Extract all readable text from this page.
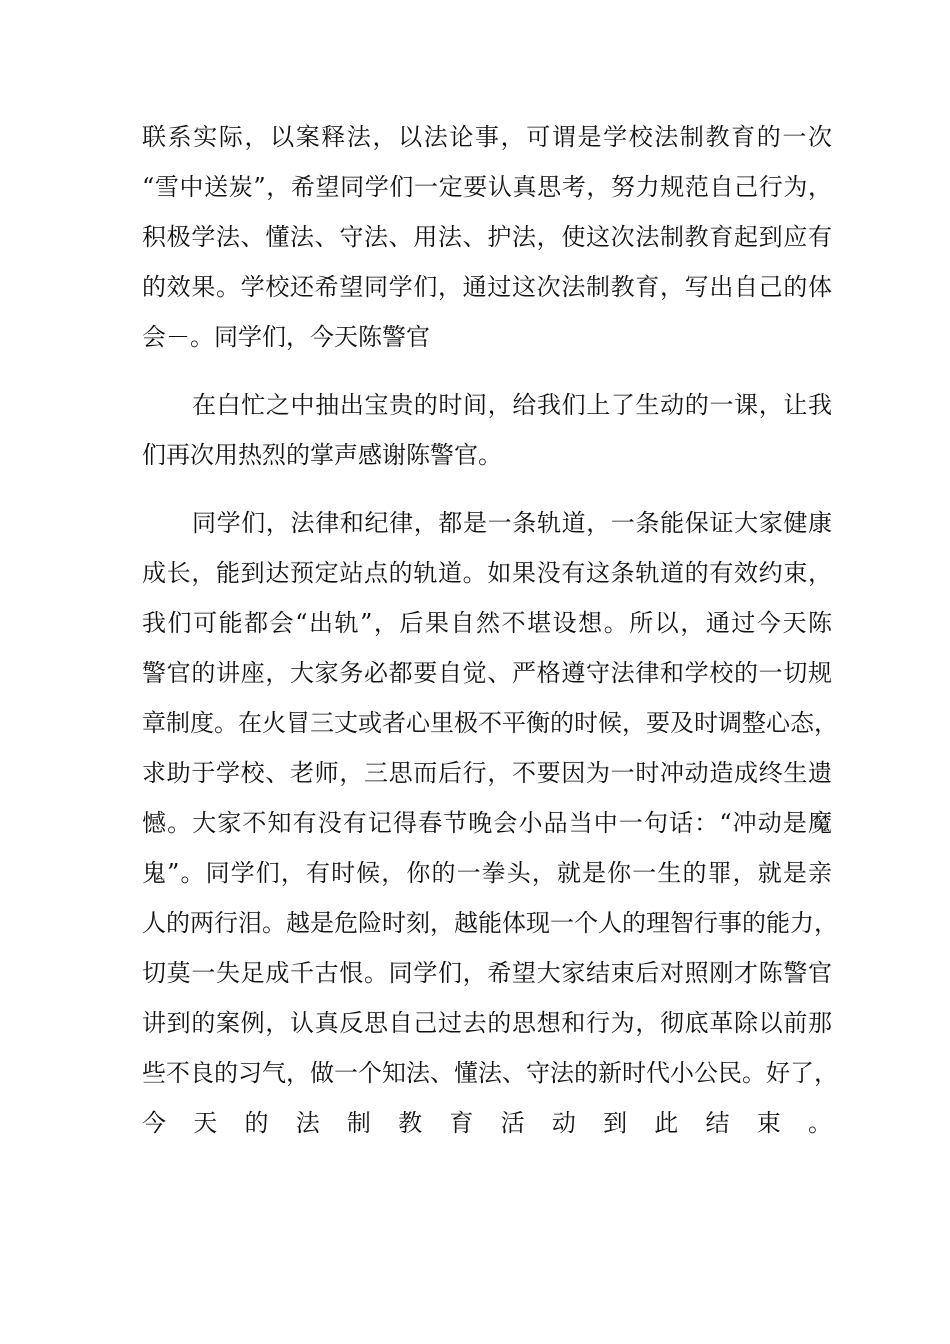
联系实际，以案释法，以法论事，可谓是学校法制教育的一次
“雪中送炭”，希望同学们一定要认真思考，努力规范自己行为，
积极学法、懂法、守法、用法、护法，使这次法制教育起到应有
的效果。学校还希望同学们，通过这次法制教育，写出自己的体
会－。同学们，今天陈警官
在白忙之中抽出宝贵的时间，给我们上了生动的一课，让我
们再次用热烈的掌声感谢陈警官。
同学们，法律和纪律，都是一条轨道，一条能保证大家健康
成长，能到达预定站点的轨道。如果没有这条轨道的有效约束，
我们可能都会“出轨”，后果自然不堪设想。所以，通过今天陈
警官的讲座，大家务必都要自觉、严格遵守法律和学校的一切规
章制度。在火冒三丈或者心里极不平衡的时候，要及时调整心态，
求助于学校、老师，三思而后行，不要因为一时冲动造成终生遗
憾。大家不知有没有记得春节晚会小品当中一句话：“冲动是魔
鬼”。同学们，有时候，你的一拳头，就是你一生的罪，就是亲
人的两行泪。越是危险时刻，越能体现一个人的理智行事的能力，
切莫一失足成千古恨。同学们，希望大家结束后对照刚才陈警官
讲到的案例，认真反思自己过去的思想和行为，彻底革除以前那
些不良的习气，做一个知法、懂法、守法的新时代小公民。好了，
今天的法制教育活动到此结束。
